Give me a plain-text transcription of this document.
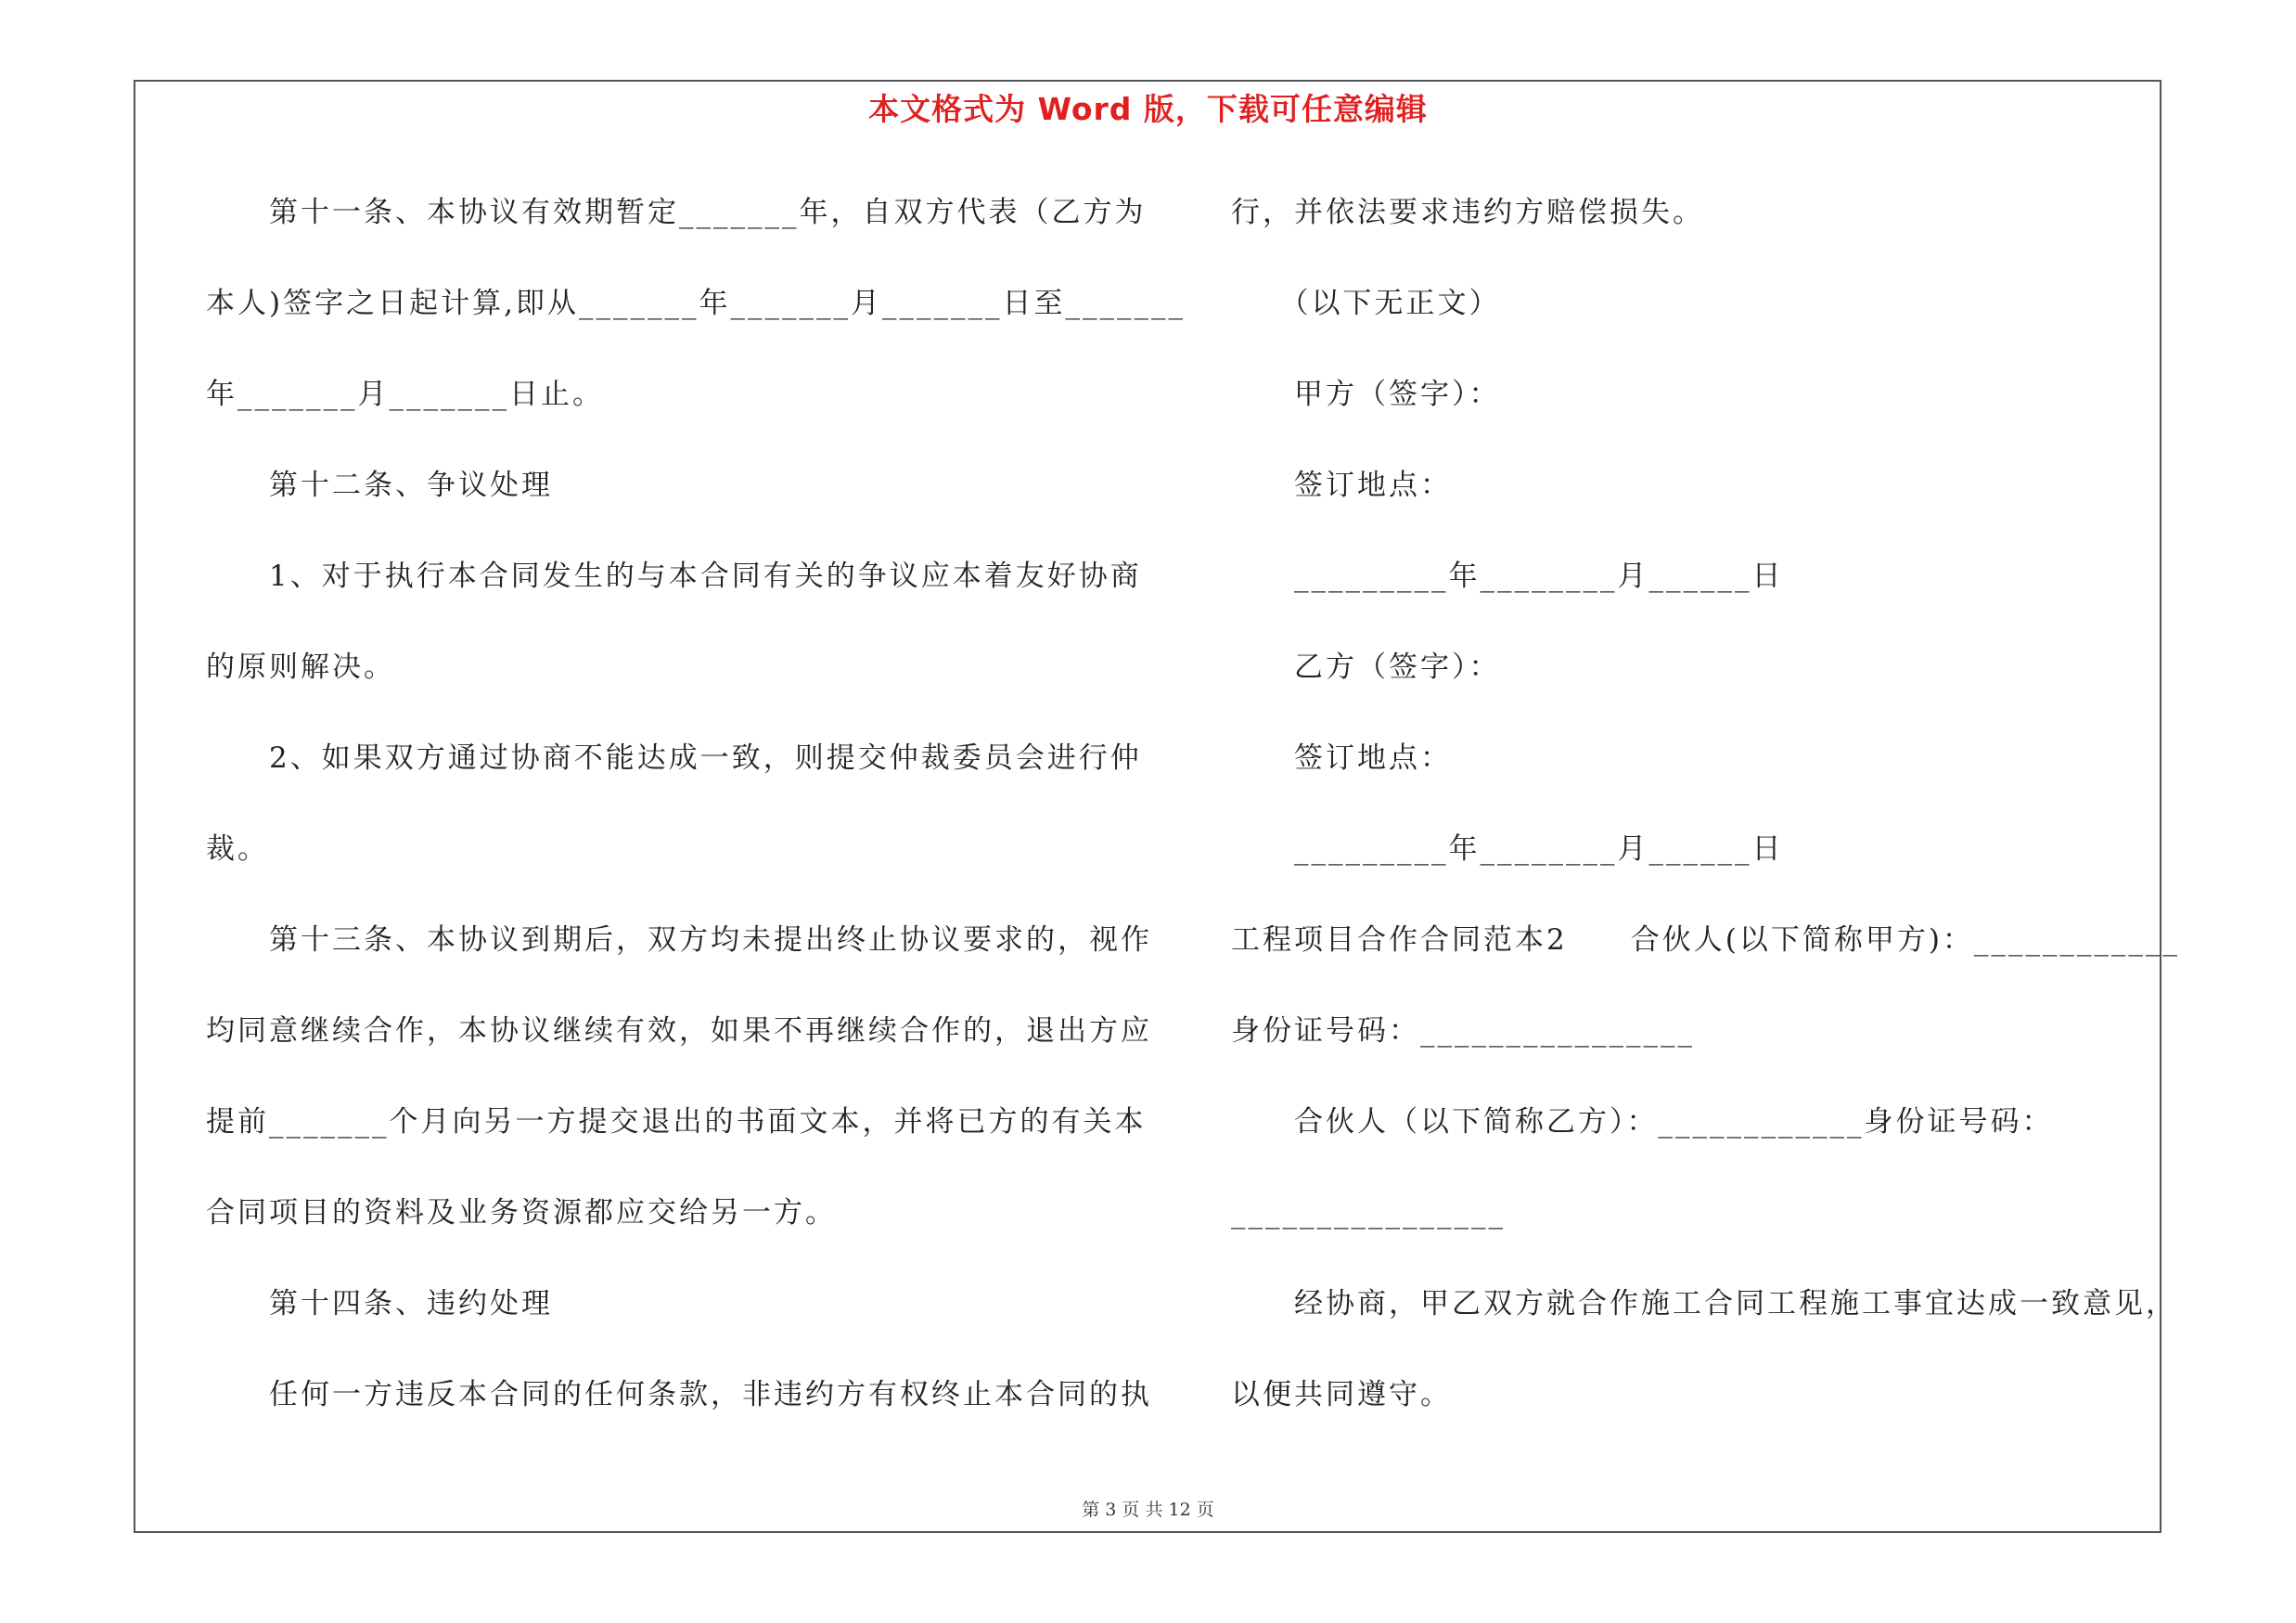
本文格式为 Word 版，下载可任意编辑
　　第十一条、本协议有效期暂定_______年，自双方代表（乙方为
本人)签字之日起计算,即从_______年_______月_______日至_______
年_______月_______日止。
　　第十二条、争议处理
　　1、对于执行本合同发生的与本合同有关的争议应本着友好协商
的原则解决。
　　2、如果双方通过协商不能达成一致，则提交仲裁委员会进行仲
裁。
　　第十三条、本协议到期后，双方均未提出终止协议要求的，视作
均同意继续合作，本协议继续有效，如果不再继续合作的，退出方应
提前_______个月向另一方提交退出的书面文本，并将已方的有关本
合同项目的资料及业务资源都应交给另一方。
　　第十四条、违约处理
　　任何一方违反本合同的任何条款，非违约方有权终止本合同的执
行，并依法要求违约方赔偿损失。
　　（以下无正文）
　　甲方（签字）：
　　签订地点：
　　_________年________月______日
　　乙方（签字）：
　　签订地点：
　　_________年________月______日
工程项目合作合同范本2　　合伙人(以下简称甲方)：____________
身份证号码：________________
　　合伙人（以下简称乙方）：____________身份证号码：
________________
　　经协商，甲乙双方就合作施工合同工程施工事宜达成一致意见，
以便共同遵守。
第 3 页 共 12 页
